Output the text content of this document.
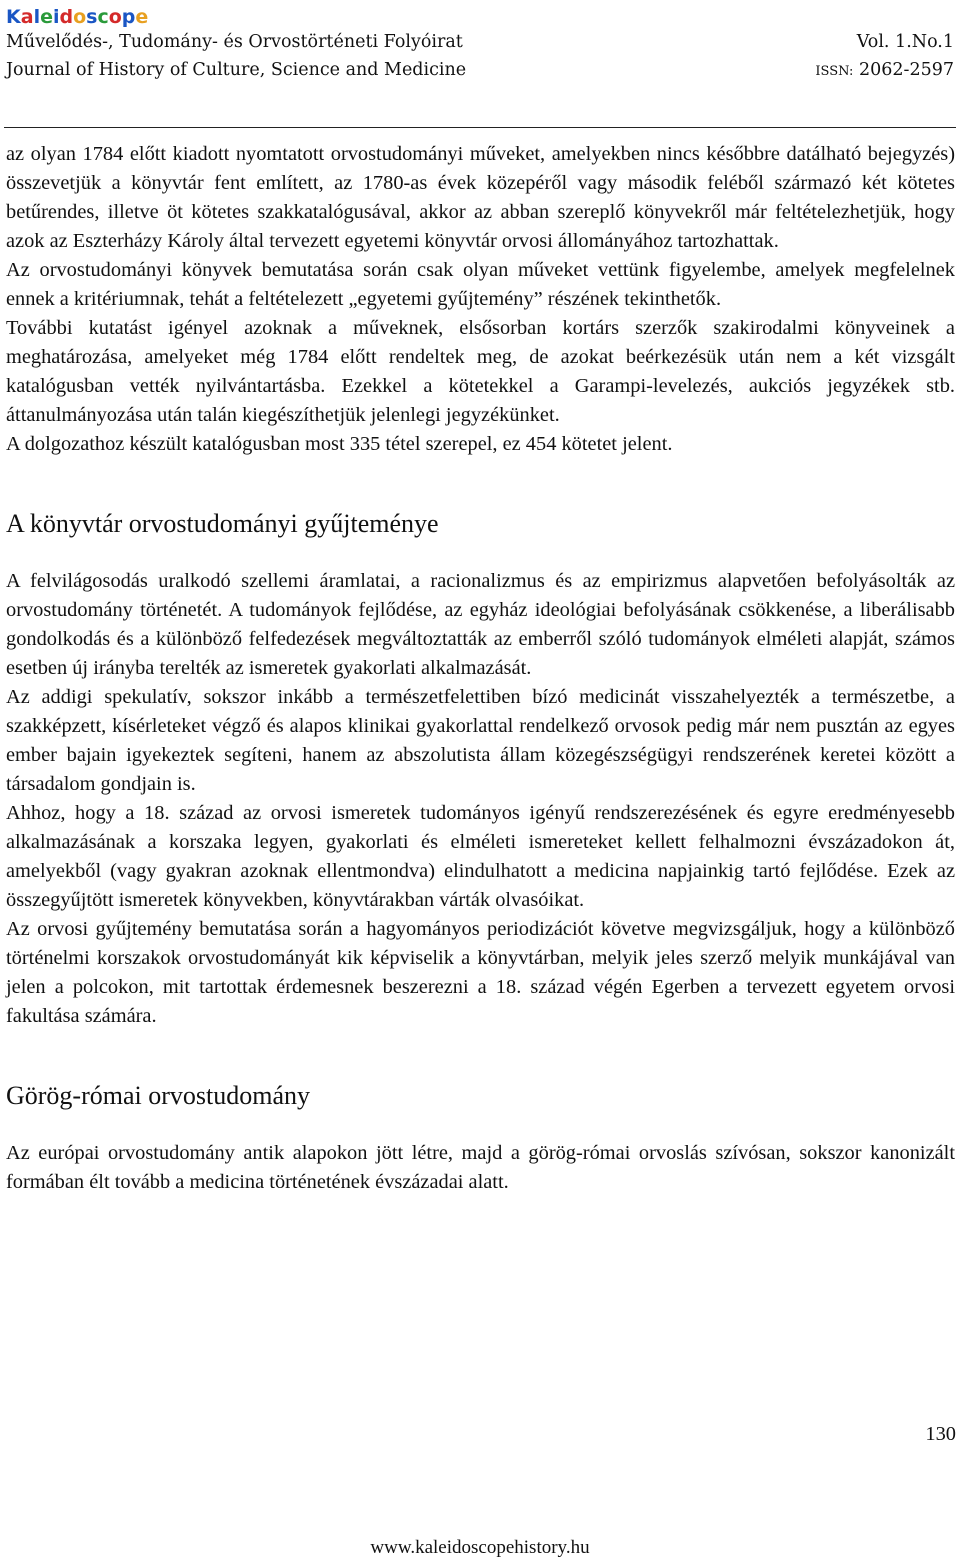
Kaleidoscope
Művelődés-, Tudomány- és Orvostörténeti Folyóirat
Journal of History of Culture, Science and Medicine
Vol. 1.No.1
ISSN: 2062-2597

az olyan 1784 előtt kiadott nyomtatott orvostudományi műveket, amelyekben nincs későbbre datálható bejegyzés) összevetjük a könyvtár fent említett, az 1780-as évek közepéről vagy második feléből származó két kötetes betűrendes, illetve öt kötetes szakkatalógusával, akkor az abban szereplő könyvekről már feltételezhetjük, hogy azok az Eszterházy Károly által tervezett egyetemi könyvtár orvosi állományához tartozhattak.

Az orvostudományi könyvek bemutatása során csak olyan műveket vettünk figyelembe, amelyek megfelelnek ennek a kritériumnak, tehát a feltételezett „egyetemi gyűjtemény” részének tekinthetők.

További kutatást igényel azoknak a műveknek, elsősorban kortárs szerzők szakirodalmi könyveinek a meghatározása, amelyeket még 1784 előtt rendeltek meg, de azokat beérkezésük után nem a két vizsgált katalógusban vették nyilvántartásba. Ezekkel a kötetekkel a Garampi-levelezés, aukciós jegyzékek stb. áttanulmányozása után talán kiegészíthetjük jelenlegi jegyzékünket.

A dolgozathoz készült katalógusban most 335 tétel szerepel, ez 454 kötetet jelent.

A könyvtár orvostudományi gyűjteménye

A felvilágosodás uralkodó szellemi áramlatai, a racionalizmus és az empirizmus alapvetően befolyásolták az orvostudomány történetét. A tudományok fejlődése, az egyház ideológiai befolyásának csökkenése, a liberálisabb gondolkodás és a különböző felfedezések megváltoztatták az emberről szóló tudományok elméleti alapját, számos esetben új irányba terelték az ismeretek gyakorlati alkalmazását.

Az addigi spekulatív, sokszor inkább a természetfelettiben bízó medicinát visszahelyezték a természetbe, a szakképzett, kísérleteket végző és alapos klinikai gyakorlattal rendelkező orvosok pedig már nem pusztán az egyes ember bajain igyekeztek segíteni, hanem az abszolutista állam közegészségügyi rendszerének keretei között a társadalom gondjain is.

Ahhoz, hogy a 18. század az orvosi ismeretek tudományos igényű rendszerezésének és egyre eredményesebb alkalmazásának a korszaka legyen, gyakorlati és elméleti ismereteket kellett felhalmozni évszázadokon át, amelyekből (vagy gyakran azoknak ellentmondva) elindulhatott a medicina napjainkig tartó fejlődése. Ezek az összegyűjtött ismeretek könyvekben, könyvtárakban várták olvasóikat.

Az orvosi gyűjtemény bemutatása során a hagyományos periodizációt követve megvizsgáljuk, hogy a különböző történelmi korszakok orvostudományát kik képviselik a könyvtárban, melyik jeles szerző melyik munkájával van jelen a polcokon, mit tartottak érdemesnek beszerezni a 18. század végén Egerben a tervezett egyetem orvosi fakultása számára.

Görög-római orvostudomány

Az európai orvostudomány antik alapokon jött létre, majd a görög-római orvoslás szívósan, sokszor kanonizált formában élt tovább a medicina történetének évszázadai alatt.

130
www.kaleidoscopehistory.hu
